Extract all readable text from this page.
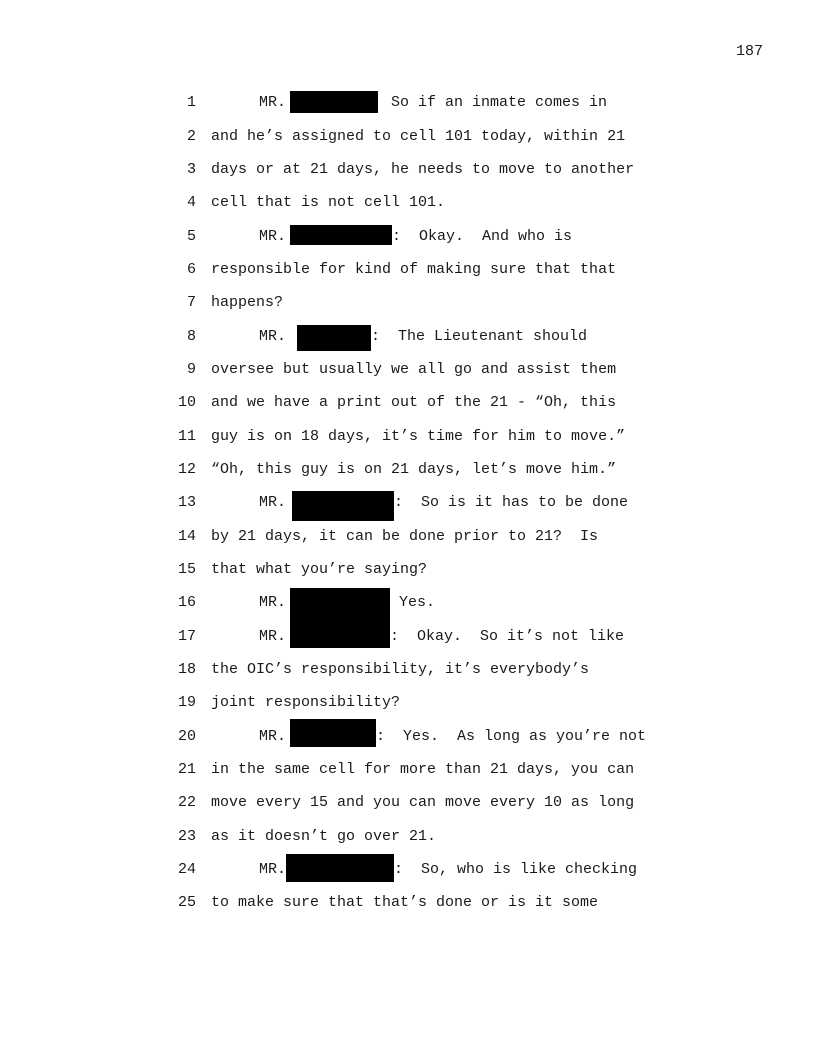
187

1

	MR.	So if an inmate comes in

2

and he’s assigned to cell 101 today, within 21

3

days or at 21 days, he needs to move to another

4

cell that is not cell 101.

5

	MR.	:  Okay.  And who is

6

responsible for kind of making sure that that

7

happens?

8

	MR.	:  The Lieutenant should

9

oversee but usually we all go and assist them

10

and we have a print out of the 21 - “Oh, this

11

guy is on 18 days, it’s time for him to move.”

12

“Oh, this guy is on 21 days, let’s move him.”

13

	MR.	:  So is it has to be done

14

by 21 days, it can be done prior to 21?  Is

15

that what you’re saying?

16

	MR.	Yes.

17

	MR.	:  Okay.  So it’s not like

18

the OIC’s responsibility, it’s everybody’s

19

joint responsibility?

20

	MR.	:  Yes.  As long as you’re not

21

in the same cell for more than 21 days, you can

22

move every 15 and you can move every 10 as long

23

as it doesn’t go over 21.

24

	MR.	:  So, who is like checking

25

to make sure that that’s done or is it some
